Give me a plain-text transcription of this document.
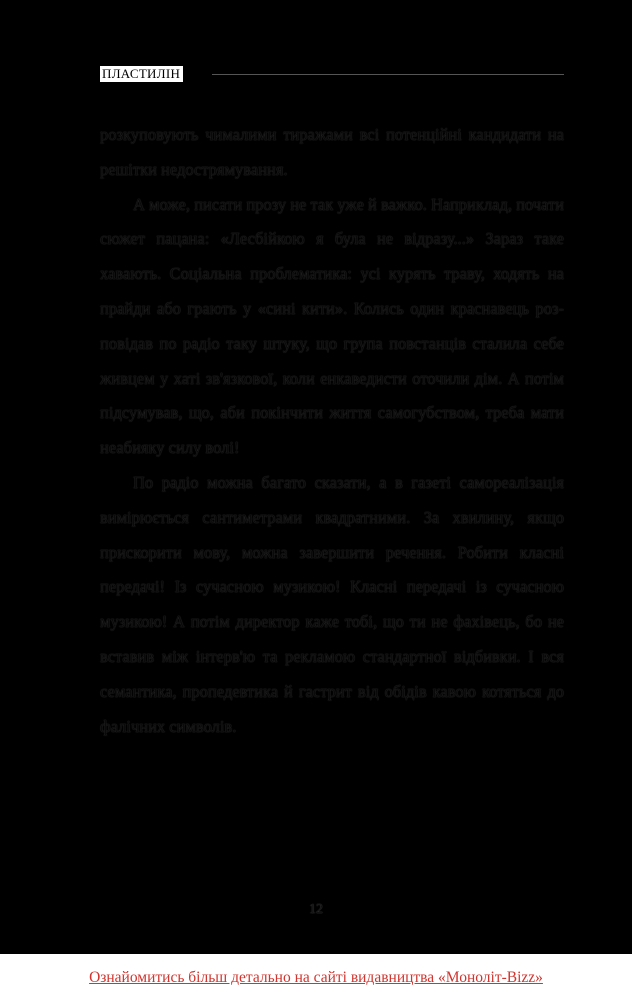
ПЛАСТИЛІН

розкуповують чималими тиражами всі потенційні кандидати на решітки недострямування.

А може, писати прозу не так уже й важко. Наприклад, почати сюжет пацана: «Лесбійкою я була не відразу...» Зараз таке хавають. Соціальна проблематика: усі курять траву, ходять на прайди або грають у «сині кити». Колись один краснавець розповідав по радіо таку штуку, що група повстанців сталила себе живцем у хаті зв'язкової, коли енкаведисти оточили дім. А потім підсумував, що, аби покінчити життя самогубством, треба мати неабияку силу волі!

По радіо можна багато сказати, а в газеті самореалізація вимірюється сантиметрами квадратними. За хвилину, якщо прискорити мову, можна завершити речення. Робити класні передачі! Із сучасною музикою! Класні передачі із сучасною музикою! А потім директор каже тобі, що ти не фахівець, бо не вставив між інтерв'ю та рекламою стандартної відбивки. І вся семантика, пропедевтика й гастрит від обідів кавою котяться до фалічних символів.

12
Ознайомитись більш детально на сайті видавництва «Моноліт-Bizz»
